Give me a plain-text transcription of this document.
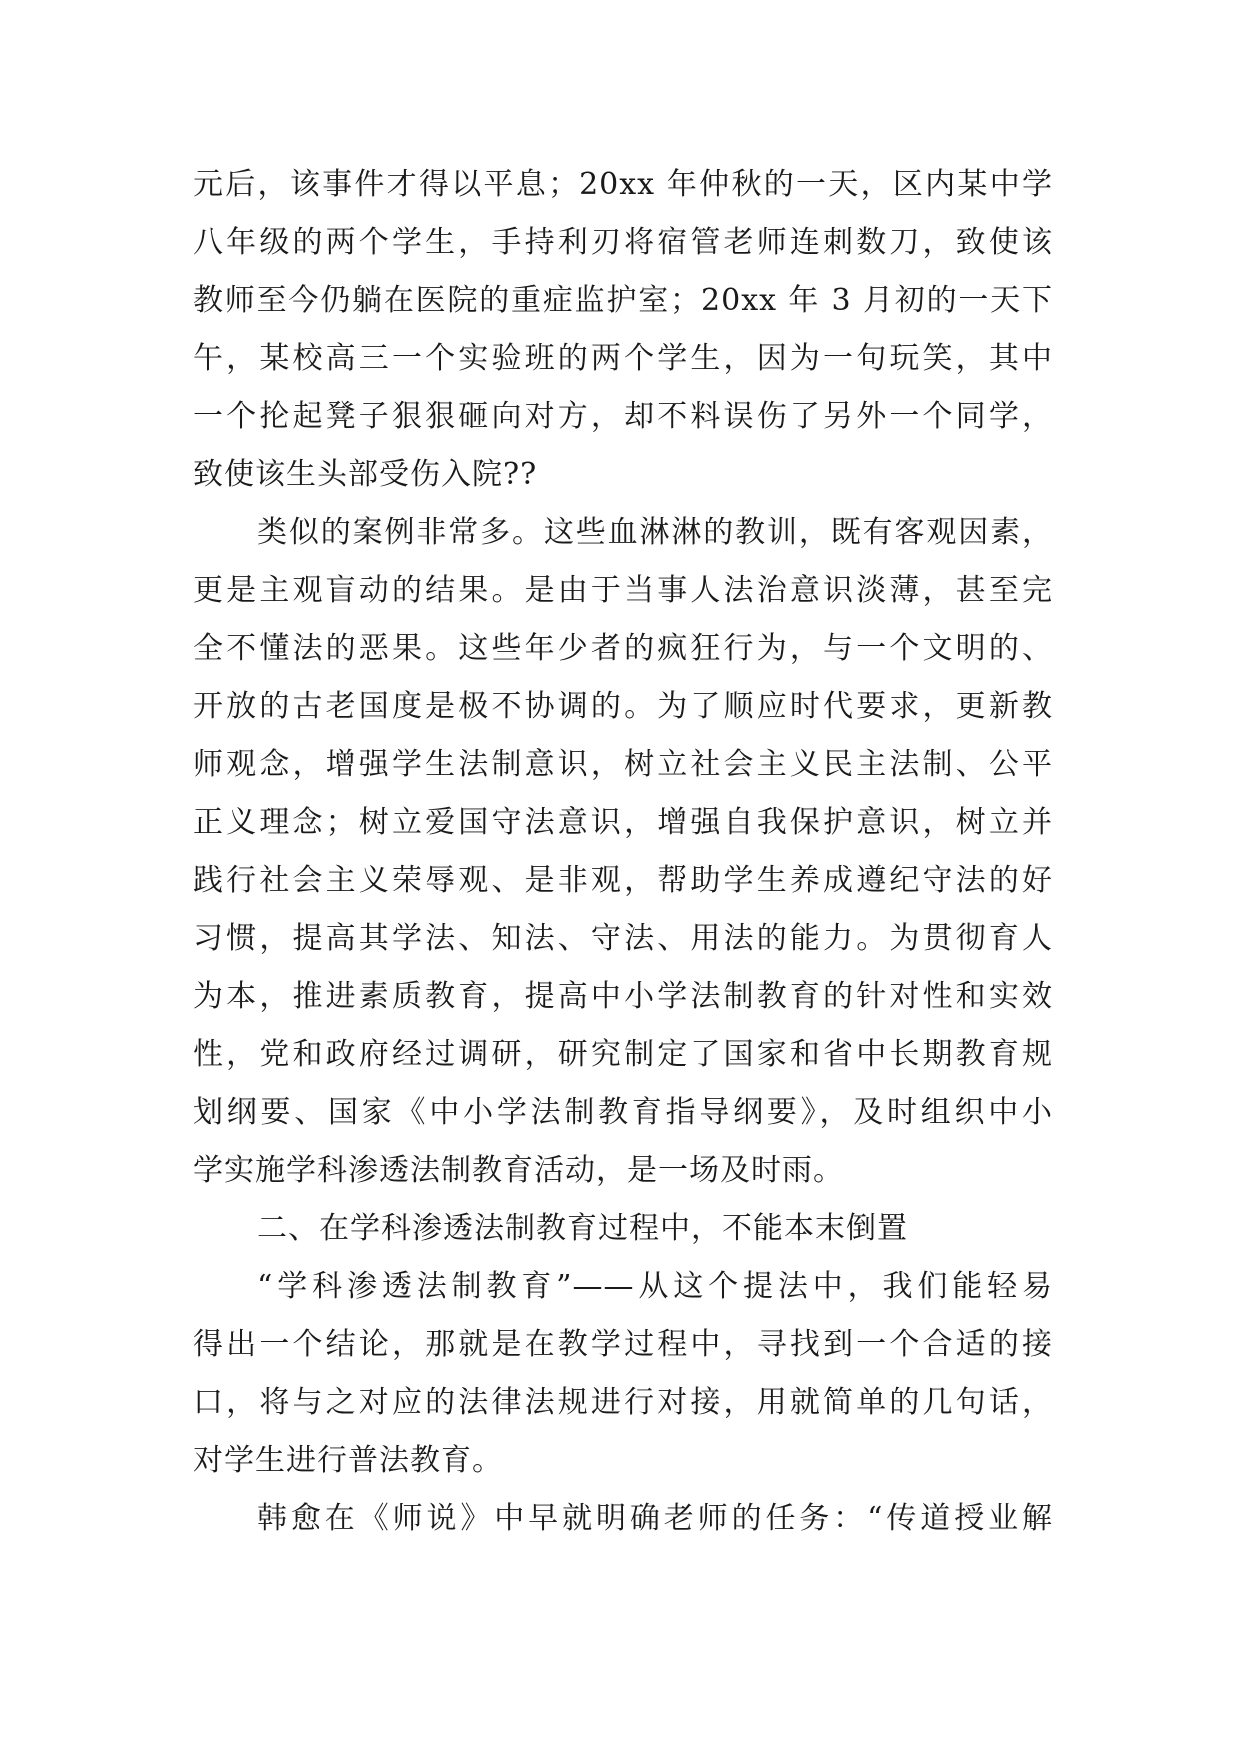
元后，该事件才得以平息；20xx 年仲秋的一天，区内某中学
八年级的两个学生，手持利刃将宿管老师连刺数刀，致使该
教师至今仍躺在医院的重症监护室；20xx 年 3 月初的一天下
午，某校高三一个实验班的两个学生，因为一句玩笑，其中
一个抡起凳子狠狠砸向对方，却不料误伤了另外一个同学，
致使该生头部受伤入院??
类似的案例非常多。这些血淋淋的教训，既有客观因素，
更是主观盲动的结果。是由于当事人法治意识淡薄，甚至完
全不懂法的恶果。这些年少者的疯狂行为，与一个文明的、
开放的古老国度是极不协调的。为了顺应时代要求，更新教
师观念，增强学生法制意识，树立社会主义民主法制、公平
正义理念；树立爱国守法意识，增强自我保护意识，树立并
践行社会主义荣辱观、是非观，帮助学生养成遵纪守法的好
习惯，提高其学法、知法、守法、用法的能力。为贯彻育人
为本，推进素质教育，提高中小学法制教育的针对性和实效
性，党和政府经过调研，研究制定了国家和省中长期教育规
划纲要、国家《中小学法制教育指导纲要》，及时组织中小
学实施学科渗透法制教育活动，是一场及时雨。
二、在学科渗透法制教育过程中，不能本末倒置
“学科渗透法制教育”——从这个提法中，我们能轻易
得出一个结论，那就是在教学过程中，寻找到一个合适的接
口，将与之对应的法律法规进行对接，用就简单的几句话，
对学生进行普法教育。
韩愈在《师说》中早就明确老师的任务：“传道授业解
